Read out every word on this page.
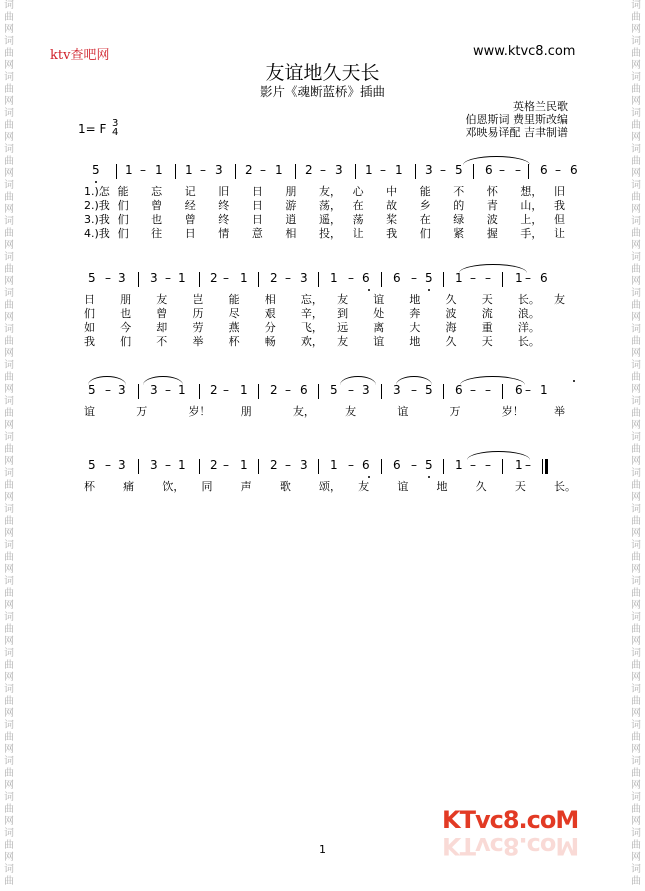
词
曲
网
词
曲
网
词
曲
网
词
曲
网
词
曲
网
词
曲
网
词
曲
网
词
曲
网
词
曲
网
词
曲
网
词
曲
网
词
曲
网
词
曲
网
词
曲
网
词
曲
网
词
曲
网
词
曲
网
词
曲
网
词
曲
网
词
曲
网
词
曲
网
词
曲
网
词
曲
网
词
曲
网
词
曲
词
曲
网
词
曲
网
词
曲
网
词
曲
网
词
曲
网
词
曲
网
词
曲
网
词
曲
网
词
曲
网
词
曲
网
词
曲
网
词
曲
网
词
曲
网
词
曲
网
词
曲
网
词
曲
网
词
曲
网
词
曲
网
词
曲
网
词
曲
网
词
曲
网
词
曲
网
词
曲
网
词
曲
网
词
曲
ktv查吧网	www.ktvc8.com
友谊地久天长
影片《魂断蓝桥》插曲
英格兰民歌
伯恩斯词 费里斯改编
邓映易译配 吉聿制谱
1= F 3
4
5 1 – 1 1 – 3 2 – 1 2 – 3 1 – 1 3 – 5 6 – – 6 – 6
1.)怎 能 忘 记 旧 日 朋 友， 心 中 能 不 怀 想， 旧
2.)我 们 曾 经 终 日 游 荡， 在 故 乡 的 青 山， 我
3.)我 们 也 曾 终 日 逍 遥， 荡 桨 在 绿 波 上， 但
4.)我 们 往 日 情 意 相 投， 让 我 们 紧 握 手， 让
5 – 3 3 – 1 2 – 1 2 – 3 1 – 6 6 – 5 1 – – 1 – 6
日 朋 友 岂 能 相 忘， 友 谊 地 久 天 长。 友
们 也 曾 历 尽 艰 辛， 到 处 奔 波 流 浪。
如 今 却 劳 燕 分 飞， 远 离 大 海 重 洋。
我 们 不 举 杯 畅 欢， 友 谊 地 久 天 长。
5 – 3 3 – 1 2 – 1 2 – 6 5 – 3 3 – 5 6 – – 6 – 1
谊	万	岁！	朋	友，	友	谊	万	岁！	举
5 – 3 3 – 1 2 – 1 2 – 3 1 – 6 6 – 5 1 – – 1 –
杯	痛	饮， 同	声	歌	颂， 友	谊	地	久	天	长。
KTvc8.coM
KTvc8.coM
1
